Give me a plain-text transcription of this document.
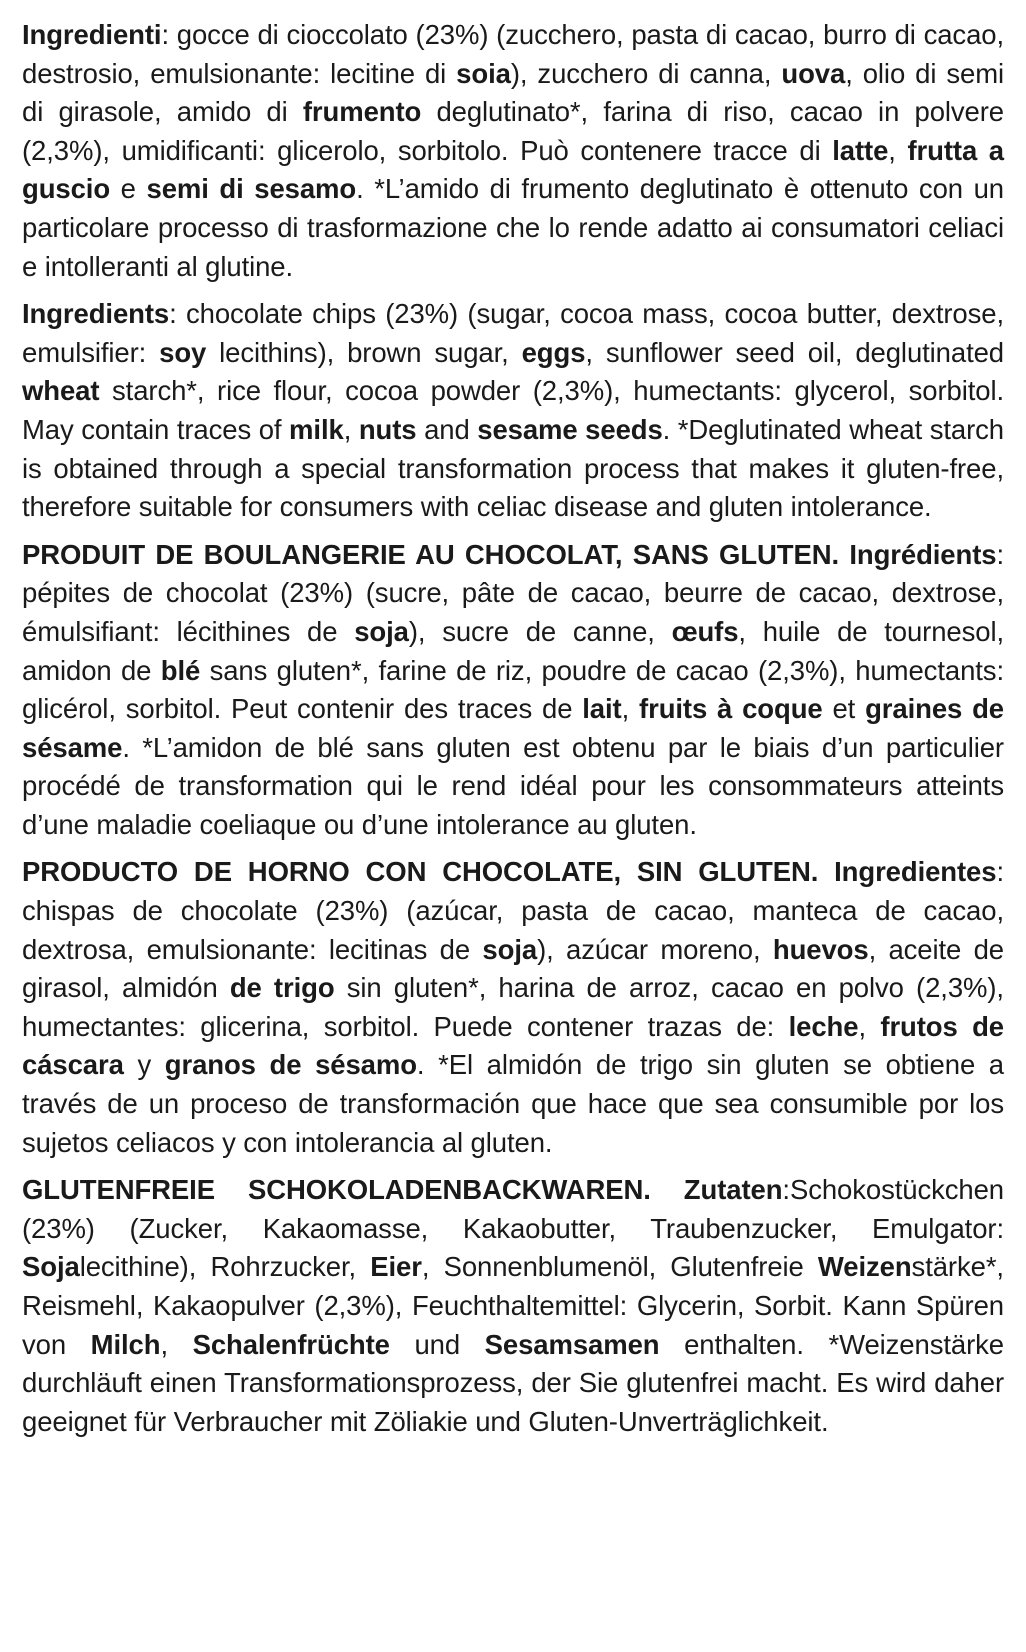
Ingredienti: gocce di cioccolato (23%) (zucchero, pasta di cacao, burro di cacao, destrosio, emulsionante: lecitine di soia), zucchero di canna, uova, olio di semi di girasole, amido di frumento deglutinato*, farina di riso, cacao in polvere (2,3%), umidificanti: glicerolo, sorbitolo. Può contenere tracce di latte, frutta a guscio e semi di sesamo. *L’amido di frumento deglutinato è ottenuto con un particolare processo di trasformazione che lo rende adatto ai consumatori celiaci e intolleranti al glutine.

Ingredients: chocolate chips (23%) (sugar, cocoa mass, cocoa butter, dextrose, emulsifier: soy lecithins), brown sugar, eggs, sunflower seed oil, deglutinated wheat starch*, rice flour, cocoa powder (2,3%), humectants: glycerol, sorbitol. May contain traces of milk, nuts and sesame seeds. *Deglutinated wheat starch is obtained through a special transformation process that makes it gluten-free, therefore suitable for consumers with celiac disease and gluten intolerance.

PRODUIT DE BOULANGERIE AU CHOCOLAT, SANS GLUTEN. Ingrédients: pépites de chocolat (23%) (sucre, pâte de cacao, beurre de cacao, dextrose, émulsifiant: lécithines de soja), sucre de canne, œufs, huile de tournesol, amidon de blé sans gluten*, farine de riz, poudre de cacao (2,3%), humectants: glicérol, sorbitol. Peut contenir des traces de lait, fruits à coque et graines de sésame. *L’amidon de blé sans gluten est obtenu par le biais d’un particulier procédé de transformation qui le rend idéal pour les consommateurs atteints d’une maladie coeliaque ou d’une intolerance au gluten.

PRODUCTO DE HORNO CON CHOCOLATE, SIN GLUTEN. Ingredientes: chispas de chocolate (23%) (azúcar, pasta de cacao, manteca de cacao, dextrosa, emulsionante: lecitinas de soja), azúcar moreno, huevos, aceite de girasol, almidón de trigo sin gluten*, harina de arroz, cacao en polvo (2,3%), humectantes: glicerina, sorbitol. Puede contener trazas de: leche, frutos de cáscara y granos de sésamo. *El almidón de trigo sin gluten se obtiene a través de un proceso de transformación que hace que sea consumible por los sujetos celiacos y con intolerancia al gluten.

GLUTENFREIE SCHOKOLADENBACKWAREN. Zutaten:Schokostückchen (23%) (Zucker, Kakaomasse, Kakaobutter, Traubenzucker, Emulgator: Sojalecithine), Rohrzucker, Eier, Sonnenblumenöl, Glutenfreie Weizenstärke*, Reismehl, Kakaopulver (2,3%), Feuchthaltemittel: Glycerin, Sorbit. Kann Spüren von Milch, Schalenfrüchte und Sesamsamen enthalten. *Weizenstärke durchläuft einen Transformationsprozess, der Sie glutenfrei macht. Es wird daher geeignet für Verbraucher mit Zöliakie und Gluten-Unverträglichkeit.
